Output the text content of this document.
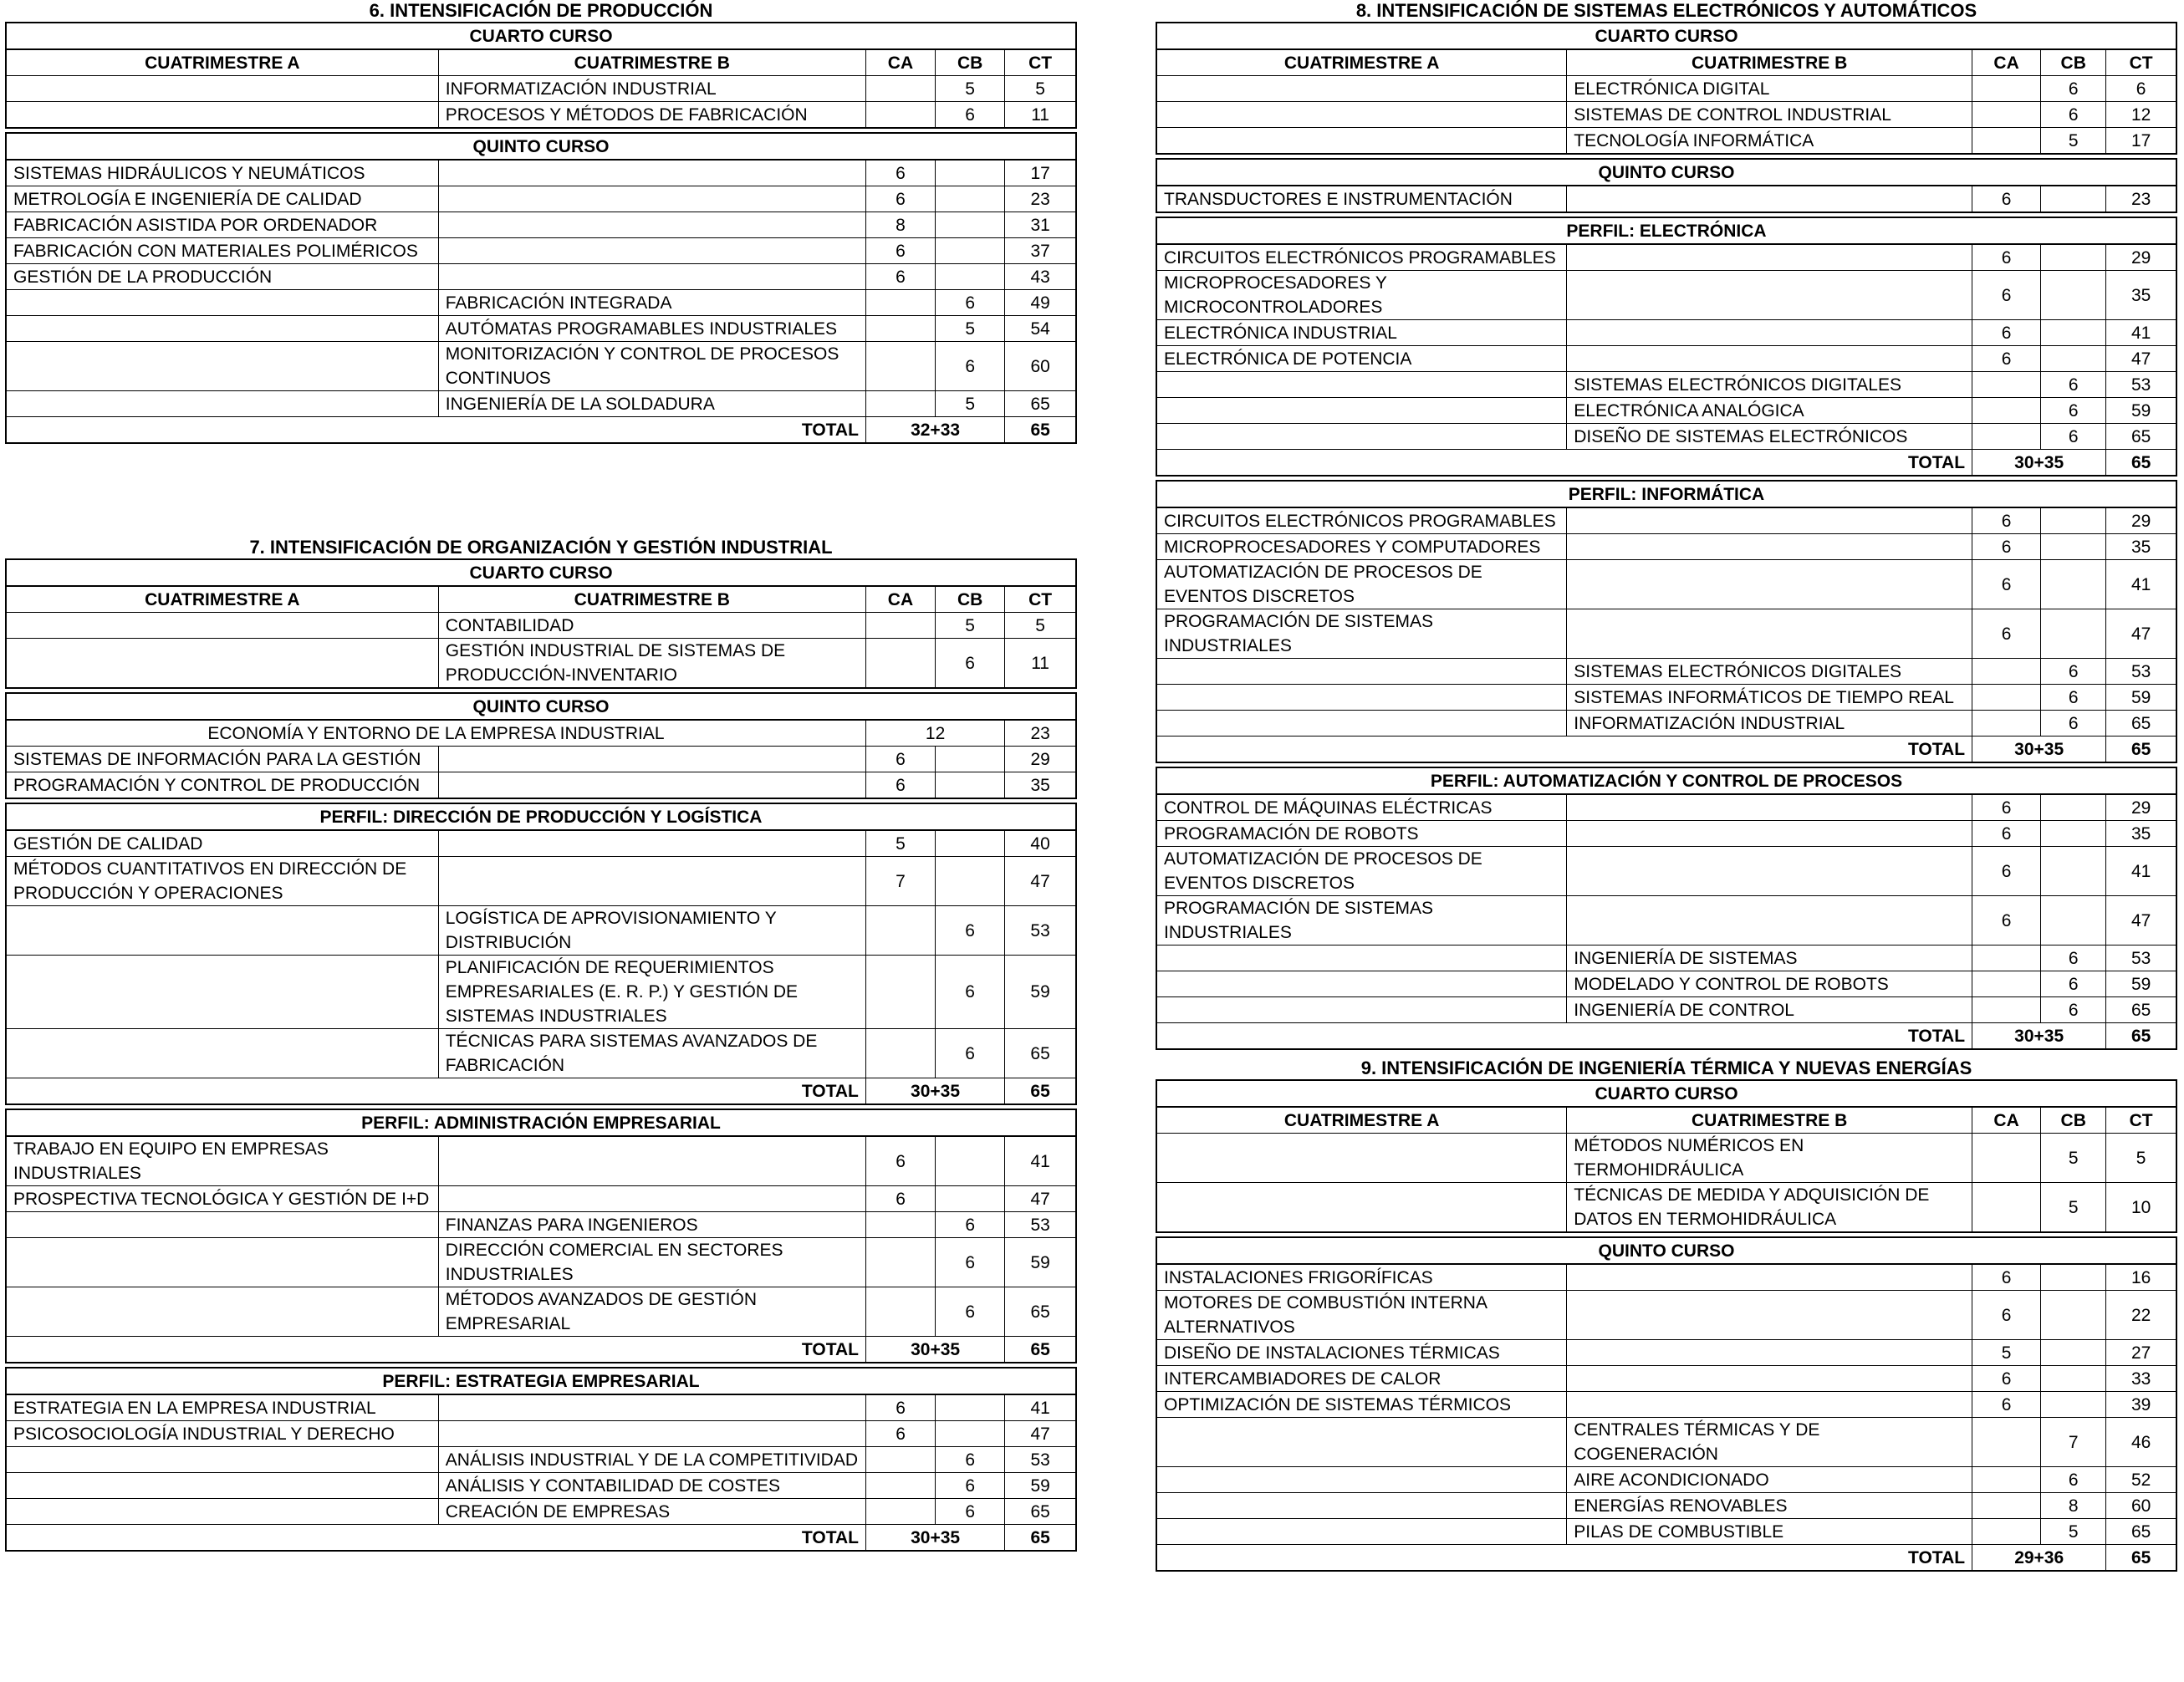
6. INTENSIFICACIÓN DE PRODUCCIÓN
CUARTO CURSO				
CUATRIMESTRE A	CUATRIMESTRE B	CA	CB	CT
	INFORMATIZACIÓN INDUSTRIAL		5	5
	PROCESOS Y MÉTODOS DE FABRICACIÓN		6	11
QUINTO CURSO				
SISTEMAS HIDRÁULICOS Y NEUMÁTICOS		6		17
METROLOGÍA E INGENIERÍA DE CALIDAD		6		23
FABRICACIÓN ASISTIDA POR ORDENADOR		8		31
FABRICACIÓN CON MATERIALES POLIMÉRICOS		6		37
GESTIÓN DE LA PRODUCCIÓN		6		43
	FABRICACIÓN INTEGRADA		6	49
	AUTÓMATAS PROGRAMABLES INDUSTRIALES		5	54
	MONITORIZACIÓN Y CONTROL DE PROCESOS CONTINUOS		6	60
	INGENIERÍA DE LA SOLDADURA		5	65
TOTAL		32+33		65
7. INTENSIFICACIÓN DE ORGANIZACIÓN Y GESTIÓN INDUSTRIAL
CUARTO CURSO				
CUATRIMESTRE A	CUATRIMESTRE B	CA	CB	CT
	CONTABILIDAD		5	5
	GESTIÓN INDUSTRIAL DE SISTEMAS DE PRODUCCIÓN-INVENTARIO		6	11
QUINTO CURSO				
ECONOMÍA Y ENTORNO DE LA EMPRESA INDUSTRIAL		12		23
SISTEMAS DE INFORMACIÓN PARA LA GESTIÓN		6		29
PROGRAMACIÓN Y CONTROL DE PRODUCCIÓN		6		35
PERFIL: DIRECCIÓN DE PRODUCCIÓN Y LOGÍSTICA				
GESTIÓN DE CALIDAD		5		40
MÉTODOS CUANTITATIVOS EN DIRECCIÓN DE PRODUCCIÓN Y OPERACIONES		7		47
	LOGÍSTICA DE APROVISIONAMIENTO Y DISTRIBUCIÓN		6	53
	PLANIFICACIÓN DE REQUERIMIENTOS EMPRESARIALES (E. R. P.) Y GESTIÓN DE SISTEMAS INDUSTRIALES		6	59
	TÉCNICAS PARA SISTEMAS AVANZADOS DE FABRICACIÓN		6	65
TOTAL		30+35		65
PERFIL: ADMINISTRACIÓN EMPRESARIAL				
TRABAJO EN EQUIPO EN EMPRESAS INDUSTRIALES		6		41
PROSPECTIVA TECNOLÓGICA Y GESTIÓN DE I+D		6		47
	FINANZAS PARA INGENIEROS		6	53
	DIRECCIÓN COMERCIAL EN SECTORES INDUSTRIALES		6	59
	MÉTODOS AVANZADOS DE GESTIÓN EMPRESARIAL		6	65
TOTAL		30+35		65
PERFIL: ESTRATEGIA EMPRESARIAL				
ESTRATEGIA EN LA EMPRESA INDUSTRIAL		6		41
PSICOSOCIOLOGÍA INDUSTRIAL Y DERECHO		6		47
	ANÁLISIS INDUSTRIAL Y DE LA COMPETITIVIDAD		6	53
	ANÁLISIS Y CONTABILIDAD DE COSTES		6	59
	CREACIÓN DE EMPRESAS		6	65
TOTAL		30+35		65
8. INTENSIFICACIÓN DE SISTEMAS ELECTRÓNICOS Y AUTOMÁTICOS
CUARTO CURSO				
CUATRIMESTRE A	CUATRIMESTRE B	CA	CB	CT
	ELECTRÓNICA DIGITAL		6	6
	SISTEMAS DE CONTROL INDUSTRIAL		6	12
	TECNOLOGÍA INFORMÁTICA		5	17
QUINTO CURSO
TRANSDUCTORES E INSTRUMENTACIÓN		6		23
PERFIL: ELECTRÓNICA				
CIRCUITOS ELECTRÓNICOS PROGRAMABLES		6		29
MICROPROCESADORES Y MICROCONTROLADORES		6		35
ELECTRÓNICA INDUSTRIAL		6		41
ELECTRÓNICA DE POTENCIA		6		47
	SISTEMAS ELECTRÓNICOS DIGITALES		6	53
	ELECTRÓNICA ANALÓGICA		6	59
	DISEÑO DE SISTEMAS ELECTRÓNICOS		6	65
TOTAL		30+35		65
PERFIL: INFORMÁTICA				
CIRCUITOS ELECTRÓNICOS PROGRAMABLES		6		29
MICROPROCESADORES Y COMPUTADORES		6		35
AUTOMATIZACIÓN DE PROCESOS DE EVENTOS DISCRETOS		6		41
PROGRAMACIÓN DE SISTEMAS INDUSTRIALES		6		47
	SISTEMAS ELECTRÓNICOS DIGITALES		6	53
	SISTEMAS INFORMÁTICOS DE TIEMPO REAL		6	59
	INFORMATIZACIÓN INDUSTRIAL		6	65
TOTAL		30+35		65
PERFIL: AUTOMATIZACIÓN Y CONTROL DE PROCESOS				
CONTROL DE MÁQUINAS ELÉCTRICAS		6		29
PROGRAMACIÓN DE ROBOTS		6		35
AUTOMATIZACIÓN DE PROCESOS DE EVENTOS DISCRETOS		6		41
PROGRAMACIÓN DE SISTEMAS INDUSTRIALES		6		47
	INGENIERÍA DE SISTEMAS		6	53
	MODELADO Y CONTROL DE ROBOTS		6	59
	INGENIERÍA DE CONTROL		6	65
TOTAL		30+35		65
9. INTENSIFICACIÓN DE INGENIERÍA TÉRMICA Y NUEVAS ENERGÍAS
CUARTO CURSO				
CUATRIMESTRE A	CUATRIMESTRE B	CA	CB	CT
	MÉTODOS NUMÉRICOS EN TERMOHIDRÁULICA		5	5
	TÉCNICAS DE MEDIDA Y ADQUISICIÓN DE DATOS EN TERMOHIDRÁULICA		5	10
QUINTO CURSO				
INSTALACIONES FRIGORÍFICAS		6		16
MOTORES DE COMBUSTIÓN INTERNA ALTERNATIVOS		6		22
DISEÑO DE INSTALACIONES TÉRMICAS		5		27
INTERCAMBIADORES DE CALOR		6		33
OPTIMIZACIÓN DE SISTEMAS TÉRMICOS		6		39
	CENTRALES TÉRMICAS Y DE COGENERACIÓN		7	46
	AIRE ACONDICIONADO		6	52
	ENERGÍAS RENOVABLES		8	60
	PILAS DE COMBUSTIBLE		5	65
TOTAL		29+36		65
